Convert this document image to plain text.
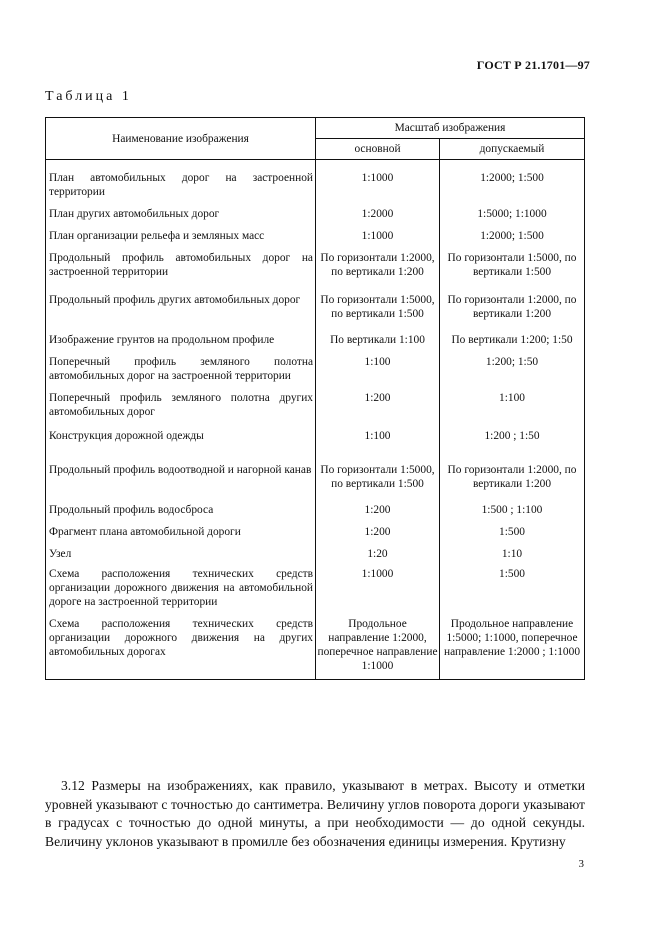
ГОСТ Р 21.1701—97
Таблица 1
Наименование изображения	Масштаб изображения	
	основной	допускаемый
План автомобильных дорог на застроенной территории	1:1000	1:2000; 1:500
План других автомобильных дорог	1:2000	1:5000; 1:1000
План организации рельефа и земляных масс	1:1000	1:2000; 1:500
Продольный профиль автомобильных дорог на застроенной территории	По горизонтали 1:2000, по вертикали 1:200	По горизонтали 1:5000, по вертикали 1:500
Продольный профиль других автомобильных дорог	По горизонтали 1:5000, по вертикали 1:500	По горизонтали 1:2000, по вертикали 1:200
Изображение грунтов на продольном профиле	По вертикали 1:100	По вертикали 1:200; 1:50
Поперечный профиль земляного полотна автомобильных дорог на застроенной территории	1:100	1:200; 1:50
Поперечный профиль земляного полотна других автомобильных дорог	1:200	1:100
Конструкция дорожной одежды	1:100	1:200 ; 1:50
Продольный профиль водоотводной и нагорной канав	По горизонтали 1:5000, по вертикали 1:500	По горизонтали 1:2000, по вертикали 1:200
Продольный профиль водосброса	1:200	1:500 ; 1:100
Фрагмент плана автомобильной дороги	1:200	1:500
Узел	1:20	1:10
Схема расположения технических средств организации дорожного движения на автомобильной дороге на застроенной территории	1:1000	1:500
Схема расположения технических средств организации дорожного движения на других автомобильных дорогах	Продольное направление 1:2000, поперечное направление 1:1000	Продольное направление 1:5000; 1:1000, поперечное направление 1:2000 ; 1:1000

3.12 Размеры на изображениях, как правило, указывают в метрах. Высоту и отметки уровней указывают с точностью до сантиметра. Величину углов поворота дороги указывают в градусах с точностью до одной минуты, а при необходимости — до одной секунды. Величину уклонов указывают в промилле без обозначения единицы измерения. Крутизну

3
